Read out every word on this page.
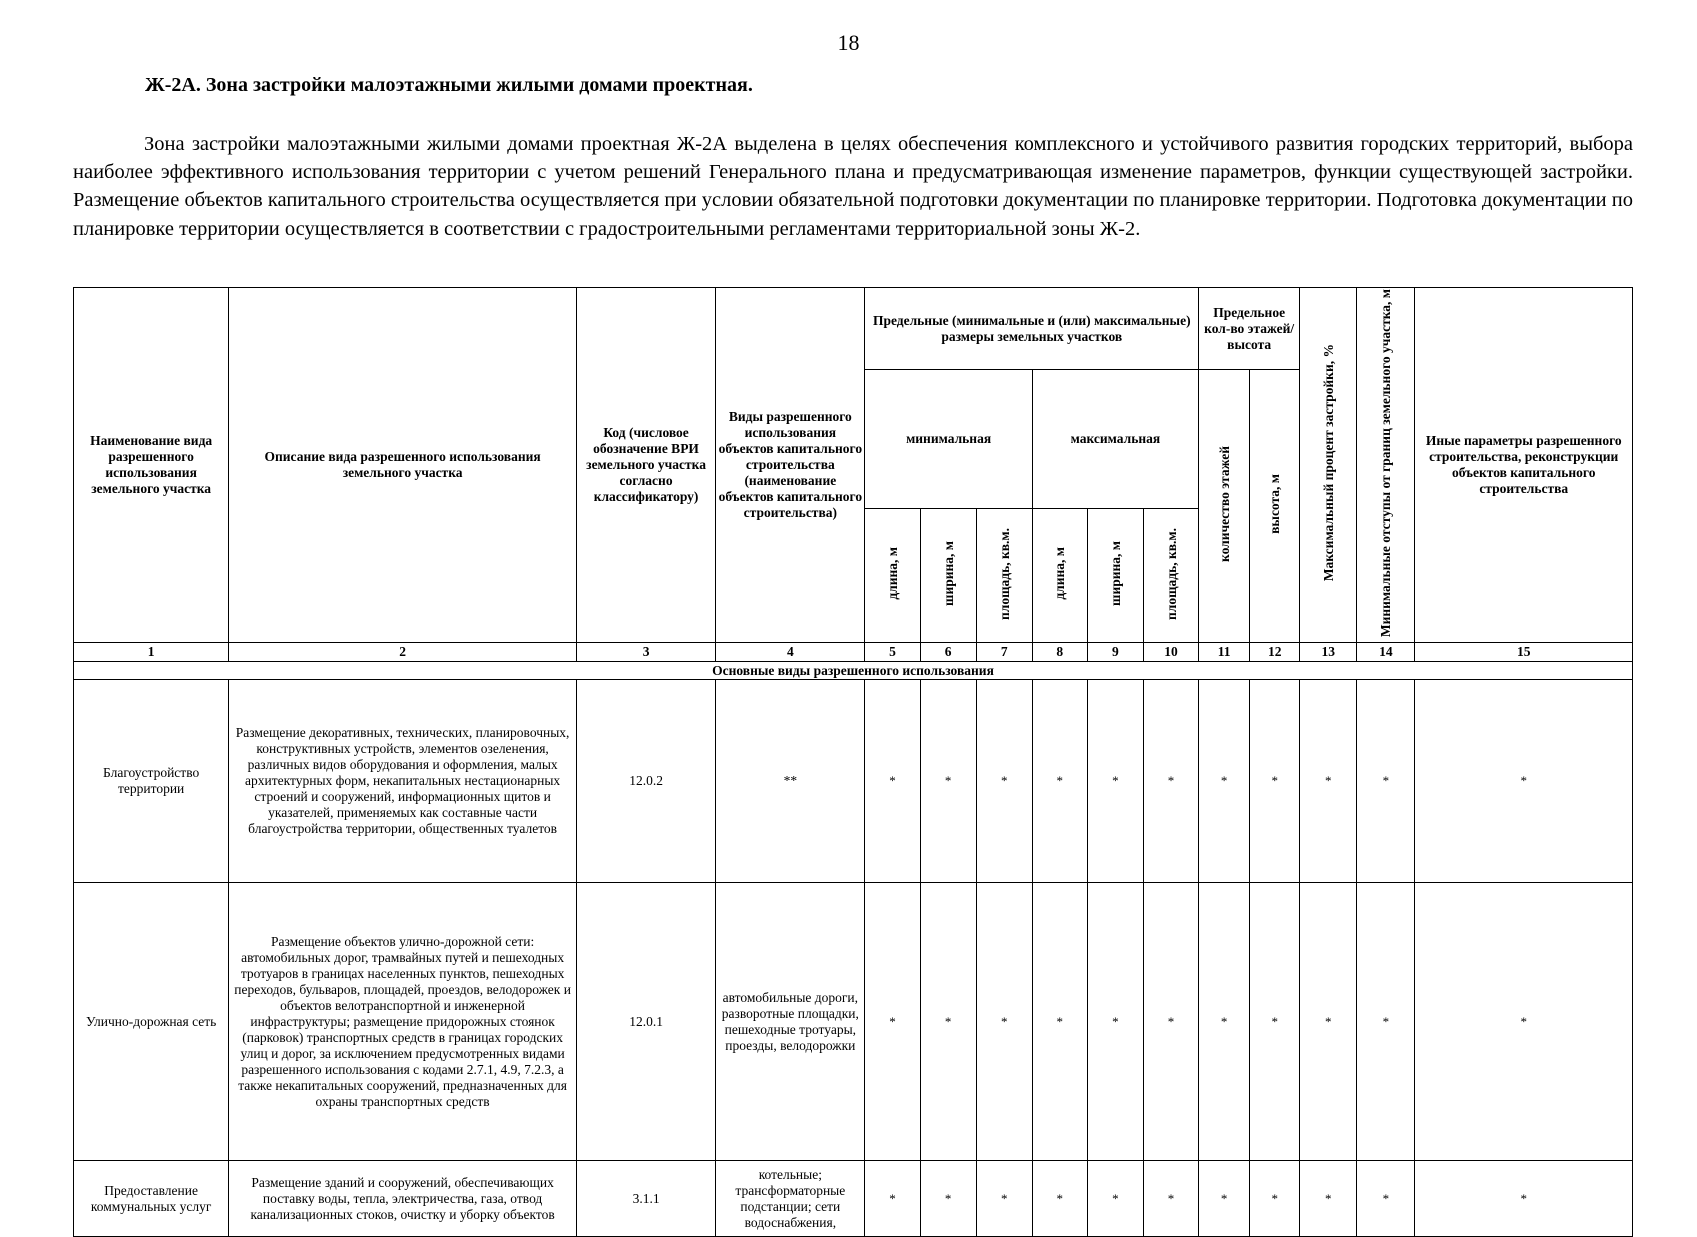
18
Ж-2А. Зона застройки малоэтажными жилыми домами проектная.

Зона застройки малоэтажными жилыми домами проектная Ж-2А выделена в целях обеспечения комплексного и устойчивого развития городских территорий, выбора наиболее эффективного использования территории с учетом решений Генерального плана и предусматривающая изменение параметров, функции существующей застройки. Размещение объектов капитального строительства осуществляется при условии обязательной подготовки документации по планировке территории. Подготовка документации по планировке территории осуществляется в соответствии с градостроительными регламентами территориальной зоны Ж-2.

Наименование вида разрешенного использования земельного участка	Описание вида разрешенного использования земельного участка	Код (числовое обозначение ВРИ земельного участка согласно классификатору)	Виды разрешенного использования объектов капитального строительства (наименование объектов капитального строительства)	Предельные (минимальные и (или) максимальные) размеры земельных участков						Предельное кол-во этажей/ высота		Максимальный процент застройки, %	Минимальные отступы от границ земельного участка, м	Иные параметры разрешенного строительства, реконструкции объектов капитального строительства
				минимальная			максимальная			количество этажей	высота, м			
				длина, м	ширина, м	площадь, кв.м.	длина, м	ширина, м	площадь, кв.м.					
1	2	3	4	5	6	7	8	9	10	11	12	13	14	15
Основные виды разрешенного использования														
Благоустройство территории	Размещение декоративных, технических, планировочных, конструктивных устройств, элементов озеленения, различных видов оборудования и оформления, малых архитектурных форм, некапитальных нестационарных строений и сооружений, информационных щитов и указателей, применяемых как составные части благоустройства территории, общественных туалетов	12.0.2	**	*	*	*	*	*	*	*	*	*	*	*
Улично-дорожная сеть	Размещение объектов улично-дорожной сети: автомобильных дорог, трамвайных путей и пешеходных тротуаров в границах населенных пунктов, пешеходных переходов, бульваров, площадей, проездов, велодорожек и объектов велотранспортной и инженерной инфраструктуры; размещение придорожных стоянок (парковок) транспортных средств в границах городских улиц и дорог, за исключением предусмотренных видами разрешенного использования с кодами 2.7.1, 4.9, 7.2.3, а также некапитальных сооружений, предназначенных для охраны транспортных средств	12.0.1	автомобильные дороги, разворотные площадки, пешеходные тротуары, проезды, велодорожки	*	*	*	*	*	*	*	*	*	*	*
Предоставление коммунальных услуг	Размещение зданий и сооружений, обеспечивающих поставку воды, тепла, электричества, газа, отвод канализационных стоков, очистку и уборку объектов	3.1.1	котельные; трансформаторные подстанции; сети водоснабжения,	*	*	*	*	*	*	*	*	*	*	*
